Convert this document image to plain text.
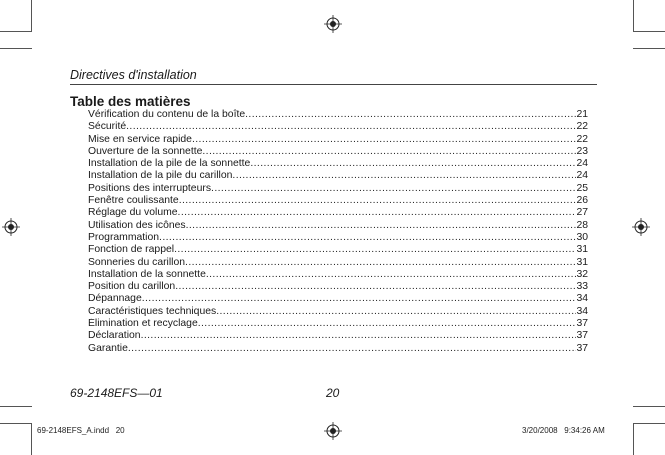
Directives d'installation
Table des matières
Vérification du contenu de la boîte .....	21
Sécurité .....	22
Mise en service rapide .....	22
Ouverture de la sonnette .....	23
Installation de la pile de la sonnette .....	24
Installation de la pile du carillon .....	24
Positions des interrupteurs .....	25
Fenêtre coulissante .....	26
Réglage du volume .....	27
Utilisation des icônes .....	28
Programmation .....	30
Fonction de rappel .....	31
Sonneries du carillon .....	31
Installation de la sonnette .....	32
Position du carillon .....	33
Dépannage .....	34
Caractéristiques techniques .....	34
Élimination et recyclage .....	37
Déclaration .....	37
Garantie .....	37
69-2148EFS—01	20
69-2148EFS_A.indd   20	3/20/2008   9:34:26 AM
